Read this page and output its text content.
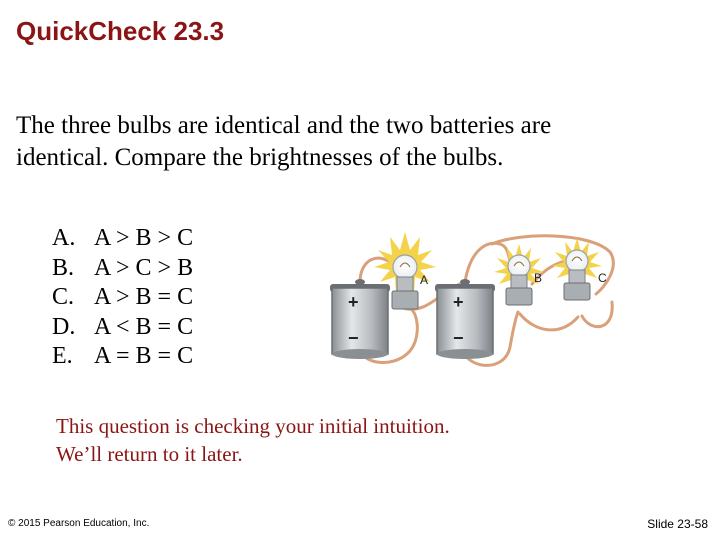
QuickCheck 23.3
The three bulbs are identical and the two batteries are
identical. Compare the brightnesses of the bulbs.
A. A > B > C
B. A > C > B
C. A > B = C
D. A < B = C
E. A = B = C
+
−
+
−
A	B	C
This question is checking your initial intuition.
We’ll return to it later.
© 2015 Pearson Education, Inc.	Slide 23-58
